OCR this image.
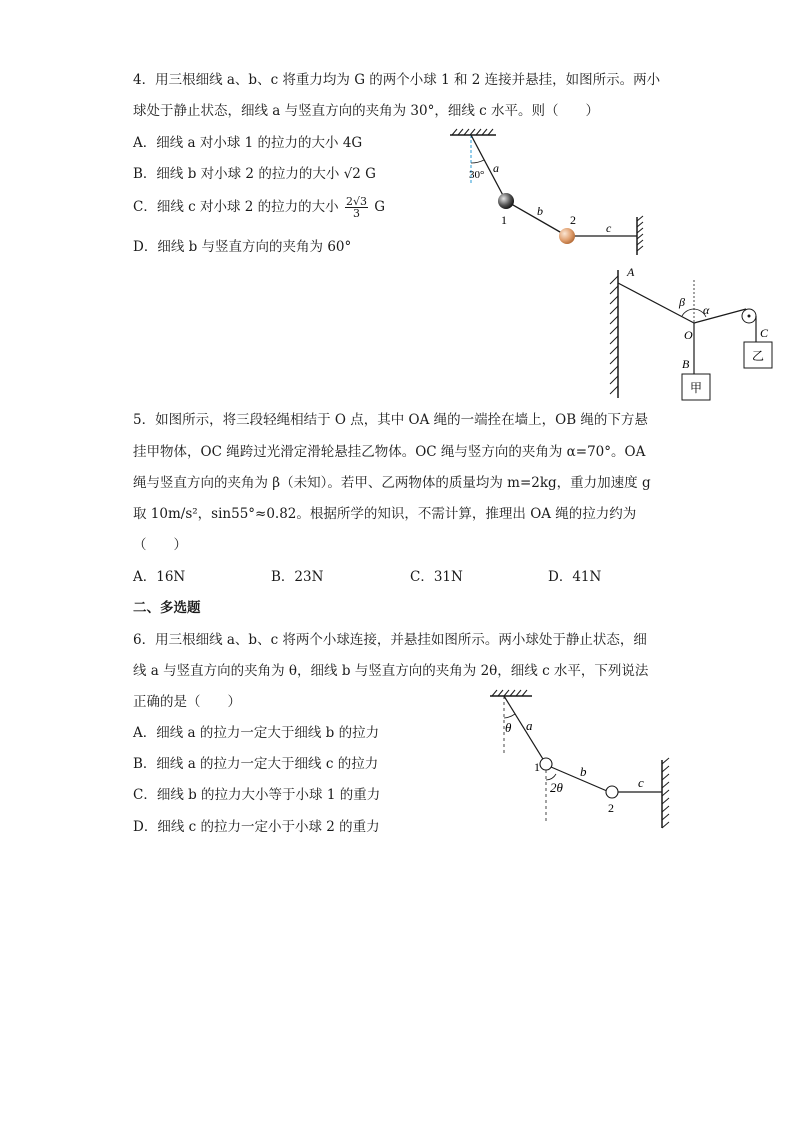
4．用三根细线 a、b、c 将重力均为 G 的两个小球 1 和 2 连接并悬挂，如图所示。两小
球处于静止状态，细线 a 与竖直方向的夹角为 30°，细线 c 水平。则（　　）
A．细线 a 对小球 1 的拉力的大小 4G
B．细线 b 对小球 2 的拉力的大小 √2 G
C．细线 c 对小球 2 的拉力的大小 $\frac{2√3}{3}$ G
D．细线 b 与竖直方向的夹角为 60°
30° a
b
c
1	2
A
β
α
O
B
甲
C
乙
5．如图所示，将三段轻绳相结于 O 点，其中 OA 绳的一端拴在墙上，OB 绳的下方悬
挂甲物体，OC 绳跨过光滑定滑轮悬挂乙物体。OC 绳与竖方向的夹角为 α=70°。OA
绳与竖直方向的夹角为 β（未知）。若甲、乙两物体的质量均为 m=2kg，重力加速度 g
取 10m/s²，sin55°≈0.82。根据所学的知识，不需计算，推理出 OA 绳的拉力约为
（　　）
A．16N	B．23N	C．31N	D．41N
二、多选题
6．用三根细线 a、b、c 将两个小球连接，并悬挂如图所示。两小球处于静止状态，细
线 a 与竖直方向的夹角为 θ，细线 b 与竖直方向的夹角为 2θ，细线 c 水平，下列说法
正确的是（　　）
A．细线 a 的拉力一定大于细线 b 的拉力
B．细线 a 的拉力一定大于细线 c 的拉力
C．细线 b 的拉力大小等于小球 1 的重力
D．细线 c 的拉力一定小于小球 2 的重力
θ a
1
2θ
b
2
c
